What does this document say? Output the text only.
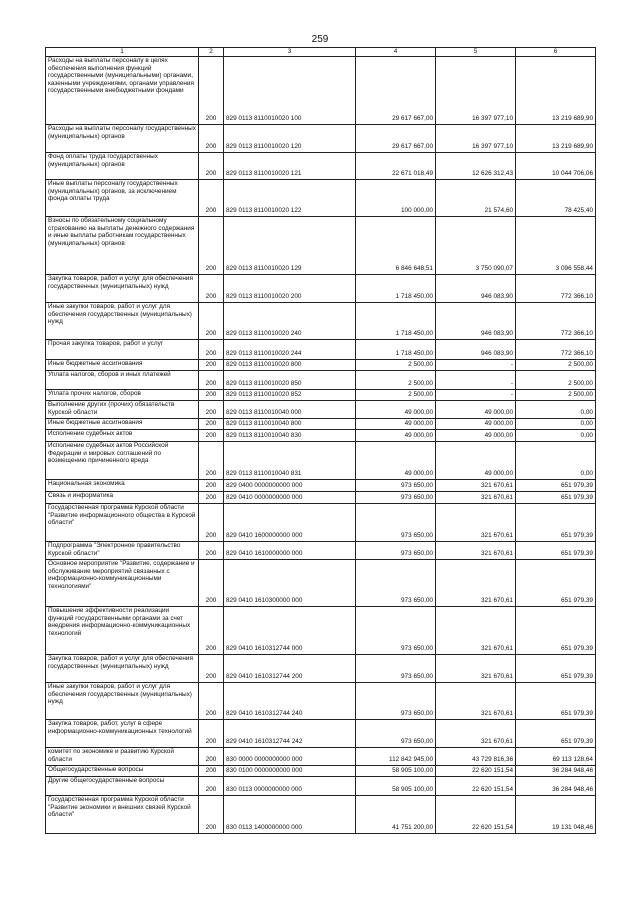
259
1	2	3	4	5	6
Расходы на выплаты персоналу в целях обеспечения выполнения функций государственными (муниципальными) органами, казенными учреждениями, органами управления государственными внебюджетными фондами	200	829 0113 8110010020 100	29 617 667,00	16 397 977,10	13 219 689,90
Расходы на выплаты персоналу государственных (муниципальных) органов	200	829 0113 8110010020 120	29 617 667,00	16 397 977,10	13 219 689,90
Фонд оплаты труда государственных (муниципальных) органов	200	829 0113 8110010020 121	22 671 018,49	12 626 312,43	10 044 706,06
Иные выплаты персоналу государственных (муниципальных) органов, за исключением фонда оплаты труда	200	829 0113 8110010020 122	100 000,00	21 574,60	78 425,40
Взносы по обязательному социальному страхованию на выплаты денежного содержания и иные выплаты работникам государственных (муниципальных) органов	200	829 0113 8110010020 129	6 846 648,51	3 750 090,07	3 096 558,44
Закупка товаров, работ и услуг для обеспечения государственных (муниципальных) нужд	200	829 0113 8110010020 200	1 718 450,00	946 083,90	772 366,10
Иные закупки товаров, работ и услуг для обеспечения государственных (муниципальных) нужд	200	829 0113 8110010020 240	1 718 450,00	946 083,90	772 366,10
Прочая закупка товаров, работ и услуг	200	829 0113 8110010020 244	1 718 450,00	946 083,90	772 366,10
Иные бюджетные ассигнования	200	829 0113 8110010020 800	2 500,00	-	2 500,00
Уплата налогов, сборов и иных платежей	200	829 0113 8110010020 850	2 500,00	-	2 500,00
Уплата прочих налогов, сборов	200	829 0113 8110010020 852	2 500,00	-	2 500,00
Выполнение других (прочих) обязательств Курской области	200	829 0113 8110010040 000	49 000,00	49 000,00	0,00
Иные бюджетные ассигнования	200	829 0113 8110010040 800	49 000,00	49 000,00	0,00
Исполнение судебных актов	200	829 0113 8110010040 830	49 000,00	49 000,00	0,00
Исполнение судебных актов Российской Федерации и мировых соглашений по возмещению причиненного вреда	200	829 0113 8110010040 831	49 000,00	49 000,00	0,00
Национальная экономика	200	829 0400 0000000000 000	973 650,00	321 670,61	651 979,39
Связь и информатика	200	829 0410 0000000000 000	973 650,00	321 670,61	651 979,39
Государственная программа Курской области "Развитие информационного общества в Курской области"	200	829 0410 1600000000 000	973 650,00	321 670,61	651 979,39
Подпрограмма "Электронное правительство Курской области"	200	829 0410 1610000000 000	973 650,00	321 670,61	651 979,39
Основное мероприятие "Развитие, содержание и обслуживание мероприятий связанных с информационно-коммуникационными технологиями"	200	829 0410 1610300000 000	973 650,00	321 670,61	651 979,39
Повышение эффективности реализации функций государственными органами за счет внедрения информационно-коммуникационных технологий	200	829 0410 1610312744 000	973 650,00	321 670,61	651 979,39
Закупка товаров, работ и услуг для обеспечения государственных (муниципальных) нужд	200	829 0410 1610312744 200	973 650,00	321 670,61	651 979,39
Иные закупки товаров, работ и услуг для обеспечения государственных (муниципальных) нужд	200	829 0410 1610312744 240	973 650,00	321 670,61	651 979,39
Закупка товаров, работ, услуг в сфере информационно-коммуникационных технологий	200	829 0410 1610312744 242	973 650,00	321 670,61	651 979,39
комитет по экономике и развитию Курской области	200	830 0000 0000000000 000	112 842 945,00	43 729 816,36	69 113 128,64
Общегосударственные вопросы	200	830 0100 0000000000 000	58 905 100,00	22 620 151,54	36 284 948,46
Другие общегосударственные вопросы	200	830 0113 0000000000 000	58 905 100,00	22 620 151,54	36 284 948,46
Государственная программа Курской области "Развитие экономики и внешних связей Курской области"	200	830 0113 1400000000 000	41 751 200,00	22 620 151,54	19 131 048,46
